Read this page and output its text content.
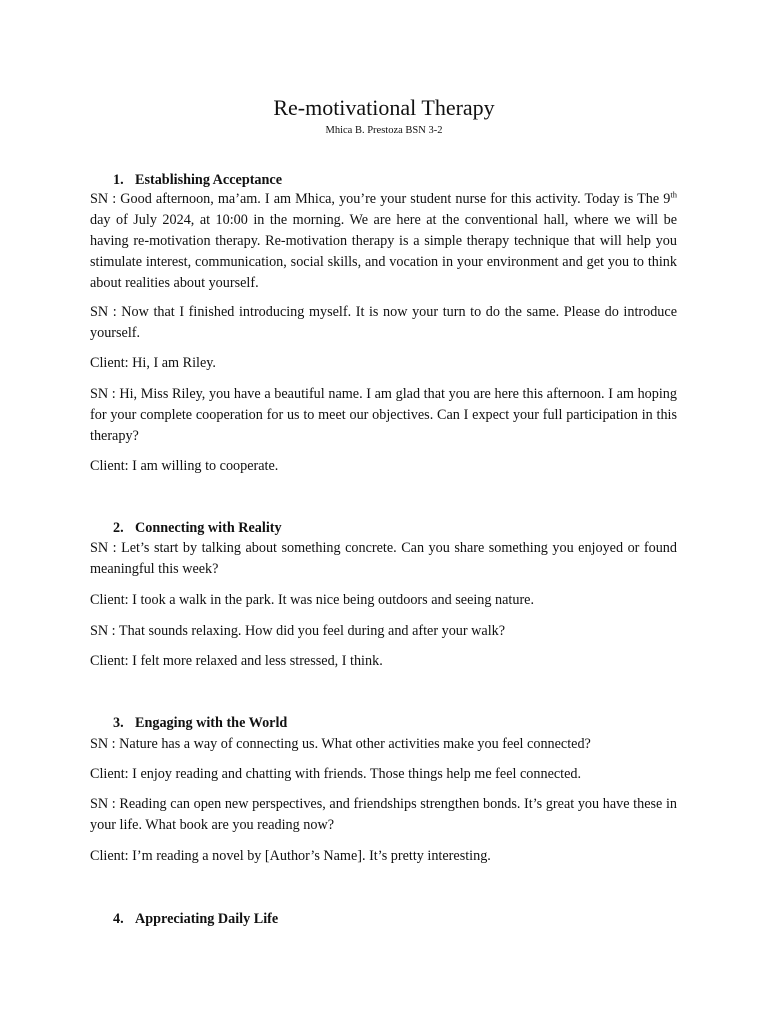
Re-motivational Therapy
Mhica B. Prestoza BSN 3-2
1. Establishing Acceptance

SN : Good afternoon, ma’am. I am Mhica, you’re your student nurse for this activity. Today is The 9th day of July 2024, at 10:00 in the morning. We are here at the conventional hall, where we will be having re-motivation therapy. Re-motivation therapy is a simple therapy technique that will help you stimulate interest, communication, social skills, and vocation in your environment and get you to think about realities about yourself.

SN : Now that I finished introducing myself. It is now your turn to do the same. Please do introduce yourself.

Client: Hi, I am Riley.

SN : Hi, Miss Riley, you have a beautiful name. I am glad that you are here this afternoon. I am hoping for your complete cooperation for us to meet our objectives. Can I expect your full participation in this therapy?

Client: I am willing to cooperate.

2. Connecting with Reality

SN : Let’s start by talking about something concrete. Can you share something you enjoyed or found meaningful this week?

Client: I took a walk in the park. It was nice being outdoors and seeing nature.

SN : That sounds relaxing. How did you feel during and after your walk?

Client: I felt more relaxed and less stressed, I think.

3. Engaging with the World

SN : Nature has a way of connecting us. What other activities make you feel connected?

Client: I enjoy reading and chatting with friends. Those things help me feel connected.

SN : Reading can open new perspectives, and friendships strengthen bonds. It’s great you have these in your life. What book are you reading now?

Client: I’m reading a novel by [Author’s Name]. It’s pretty interesting.

4. Appreciating Daily Life
